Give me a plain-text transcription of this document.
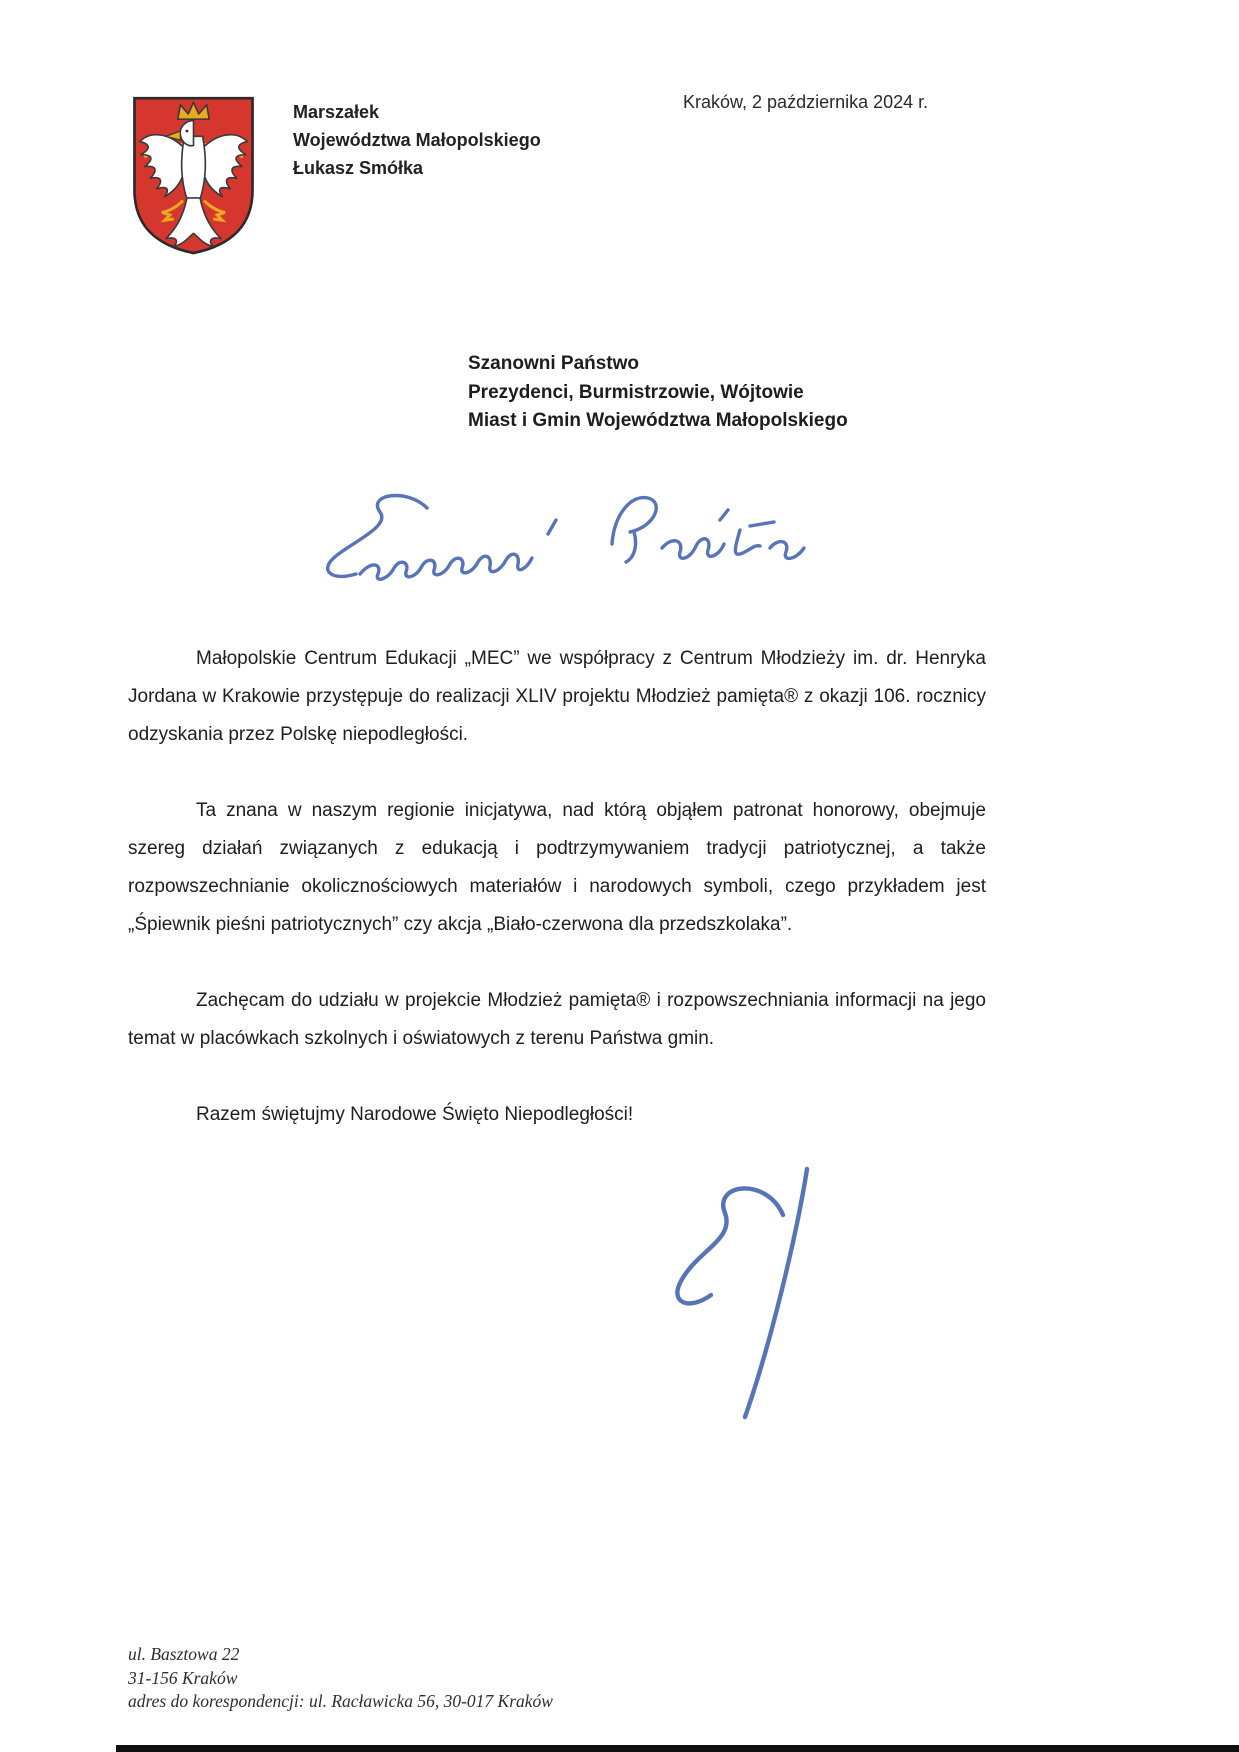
Marszałek
Województwa Małopolskiego
Łukasz Smółka
Kraków, 2 października 2024 r.
Szanowni Państwo
Prezydenci, Burmistrzowie, Wójtowie
Miast i Gmin Województwa Małopolskiego

Małopolskie Centrum Edukacji „MEC” we współpracy z Centrum Młodzieży im. dr. Henryka Jordana w Krakowie przystępuje do realizacji XLIV projektu Młodzież pamięta® z okazji 106. rocznicy odzyskania przez Polskę niepodległości.

Ta znana w naszym regionie inicjatywa, nad którą objąłem patronat honorowy, obejmuje szereg działań związanych z edukacją i podtrzymywaniem tradycji patriotycznej, a także rozpowszechnianie okolicznościowych materiałów i narodowych symboli, czego przykładem jest „Śpiewnik pieśni patriotycznych” czy akcja „Biało-czerwona dla przedszkolaka”.

Zachęcam do udziału w projekcie Młodzież pamięta® i rozpowszechniania informacji na jego temat w placówkach szkolnych i oświatowych z terenu Państwa gmin.

Razem świętujmy Narodowe Święto Niepodległości!

ul. Basztowa 22
31-156 Kraków
adres do korespondencji: ul. Racławicka 56, 30-017 Kraków
